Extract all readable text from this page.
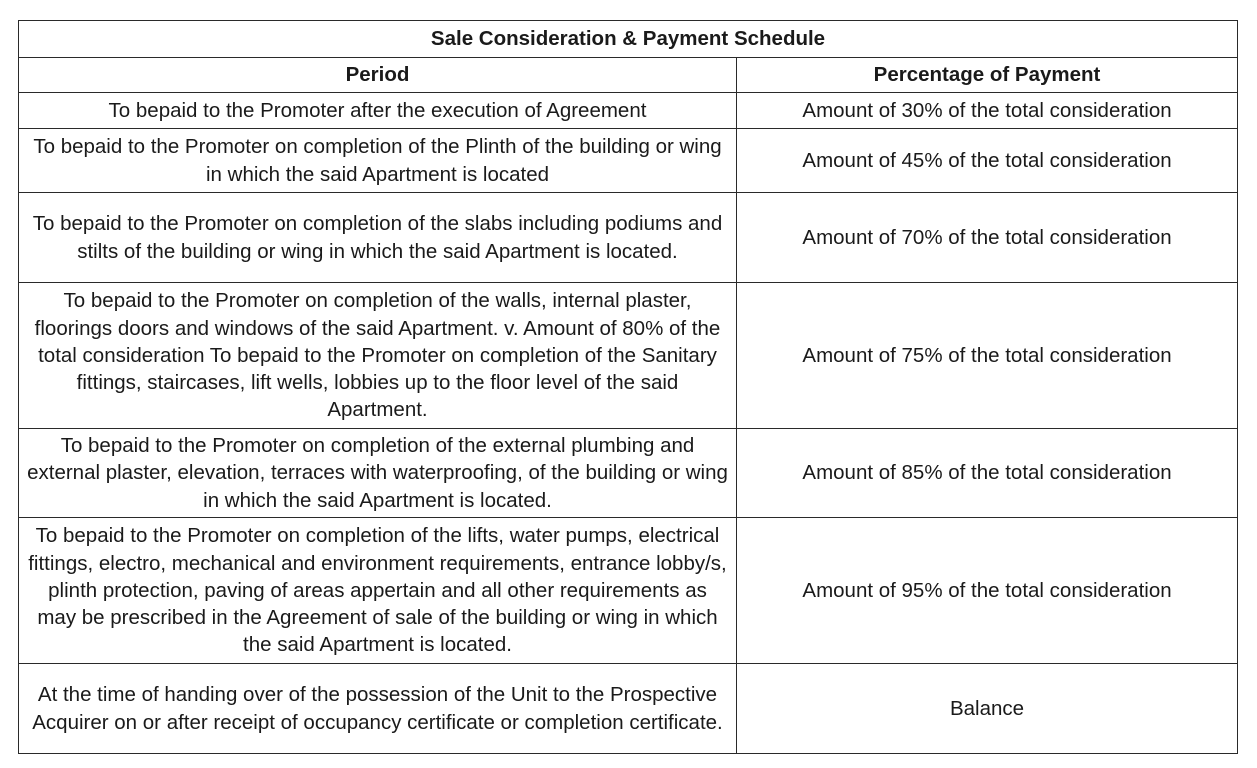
Sale Consideration & Payment Schedule	
Period	Percentage of Payment
To bepaid to the Promoter after the execution of Agreement	Amount of 30% of the total consideration
To bepaid to the Promoter on completion of the Plinth of the building or wing in which the said Apartment is located	Amount of 45% of the total consideration
To bepaid to the Promoter on completion of the slabs including podiums and stilts of the building or wing in which the said Apartment is located.	Amount of 70% of the total consideration
To bepaid to the Promoter on completion of the walls, internal plaster, floorings doors and windows of the said Apartment. v. Amount of 80% of the total consideration To bepaid to the Promoter on completion of the Sanitary fittings, staircases, lift wells, lobbies up to the floor level of the said Apartment.	Amount of 75% of the total consideration
To bepaid to the Promoter on completion of the external plumbing and external plaster, elevation, terraces with waterproofing, of the building or wing in which the said Apartment is located.	Amount of 85% of the total consideration
To bepaid to the Promoter on completion of the lifts, water pumps, electrical fittings, electro, mechanical and environment requirements, entrance lobby/s, plinth protection, paving of areas appertain and all other requirements as may be prescribed in the Agreement of sale of the building or wing in which the said Apartment is located.	Amount of 95% of the total consideration
At the time of handing over of the possession of the Unit to the Prospective Acquirer on or after receipt of occupancy certificate or completion certificate.	Balance
